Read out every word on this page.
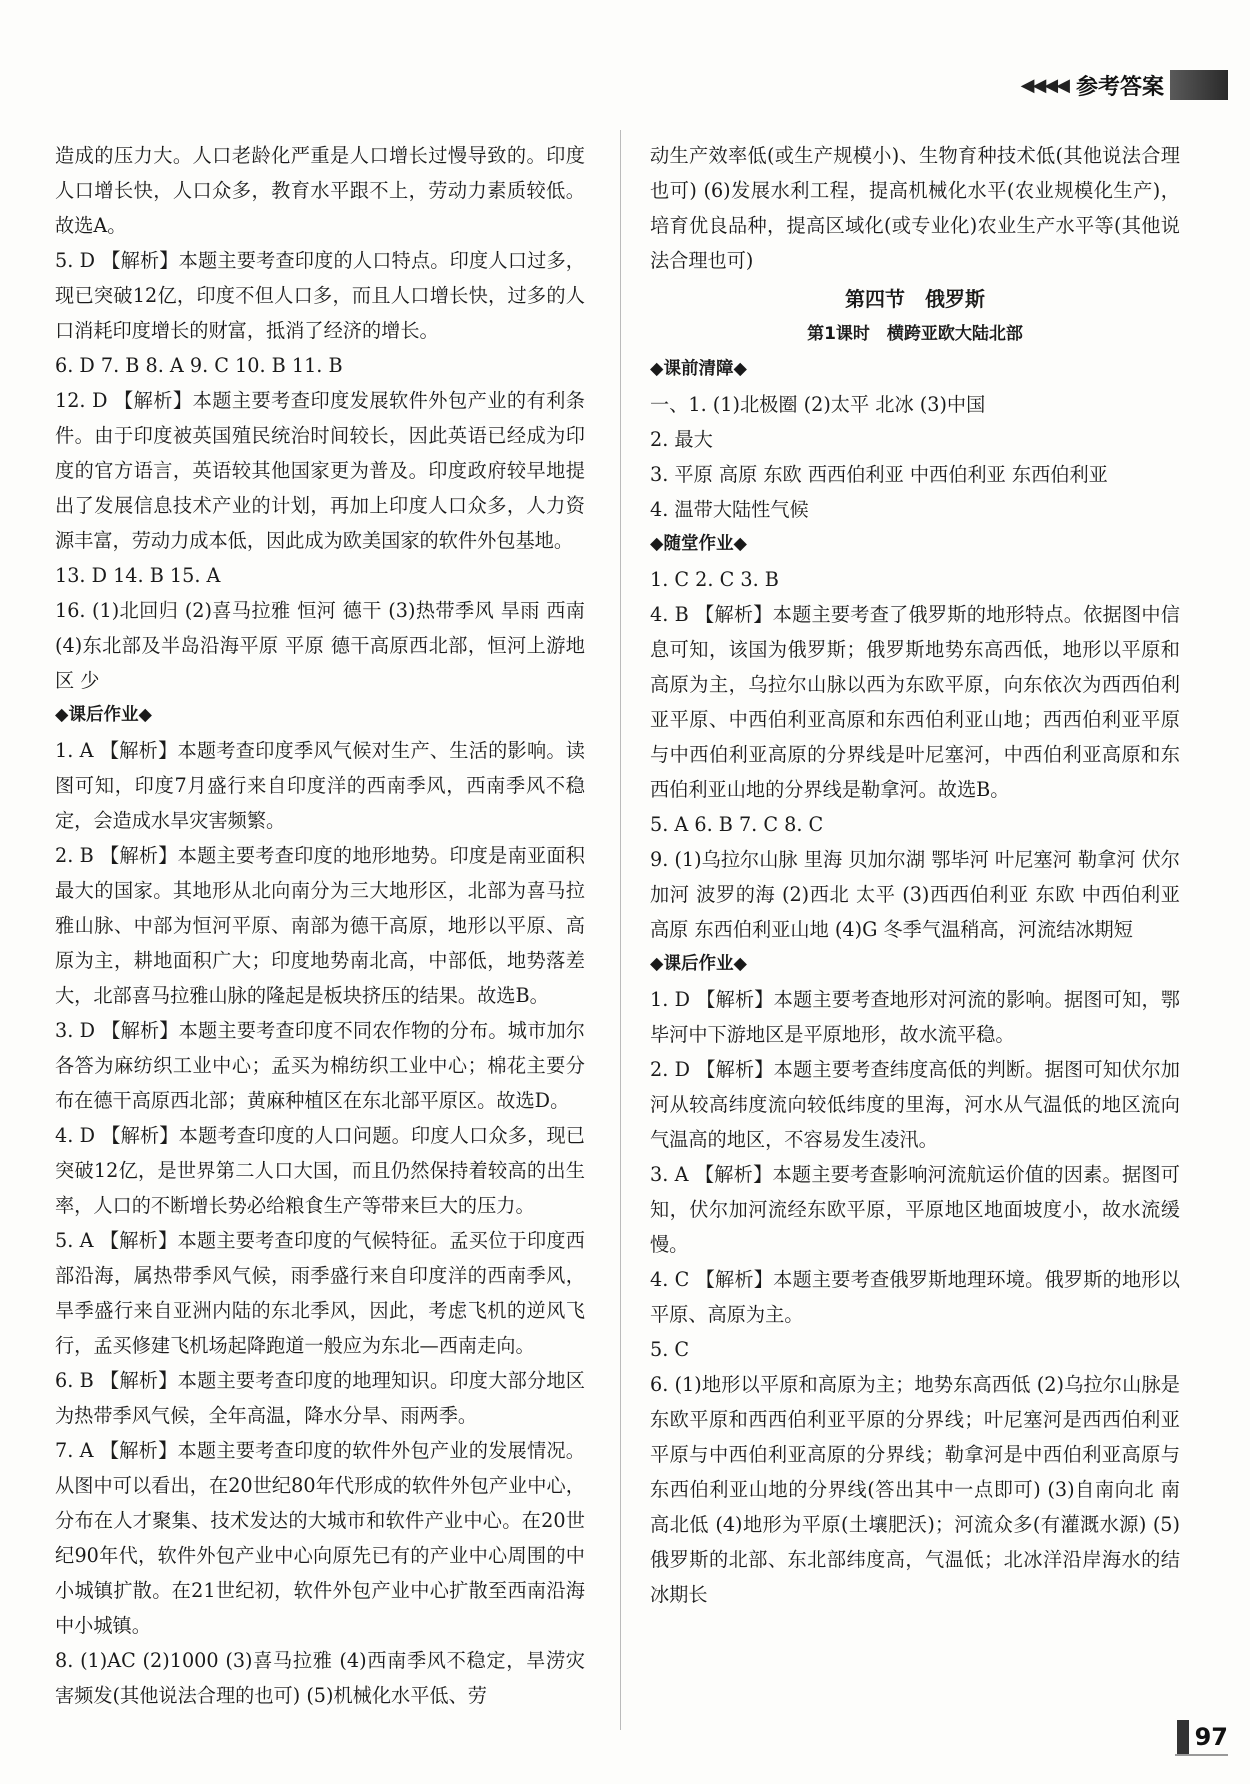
◀◀◀◀ 参考答案

造成的压力大。人口老龄化严重是人口增长过慢导致的。印度人口增长快，人口众多，教育水平跟不上，劳动力素质较低。故选A。

5. D 【解析】本题主要考查印度的人口特点。印度人口过多，现已突破12亿，印度不但人口多，而且人口增长快，过多的人口消耗印度增长的财富，抵消了经济的增长。

6. D 7. B 8. A 9. C 10. B 11. B

12. D 【解析】本题主要考查印度发展软件外包产业的有利条件。由于印度被英国殖民统治时间较长，因此英语已经成为印度的官方语言，英语较其他国家更为普及。印度政府较早地提出了发展信息技术产业的计划，再加上印度人口众多，人力资源丰富，劳动力成本低，因此成为欧美国家的软件外包基地。

13. D 14. B 15. A

16. (1)北回归 (2)喜马拉雅 恒河 德干 (3)热带季风 旱雨 西南 (4)东北部及半岛沿海平原 平原 德干高原西北部，恒河上游地区 少

◆课后作业◆

1. A 【解析】本题考查印度季风气候对生产、生活的影响。读图可知，印度7月盛行来自印度洋的西南季风，西南季风不稳定，会造成水旱灾害频繁。

2. B 【解析】本题主要考查印度的地形地势。印度是南亚面积最大的国家。其地形从北向南分为三大地形区，北部为喜马拉雅山脉、中部为恒河平原、南部为德干高原，地形以平原、高原为主，耕地面积广大；印度地势南北高，中部低，地势落差大，北部喜马拉雅山脉的隆起是板块挤压的结果。故选B。

3. D 【解析】本题主要考查印度不同农作物的分布。城市加尔各答为麻纺织工业中心；孟买为棉纺织工业中心；棉花主要分布在德干高原西北部；黄麻种植区在东北部平原区。故选D。

4. D 【解析】本题考查印度的人口问题。印度人口众多，现已突破12亿，是世界第二人口大国，而且仍然保持着较高的出生率，人口的不断增长势必给粮食生产等带来巨大的压力。

5. A 【解析】本题主要考查印度的气候特征。孟买位于印度西部沿海，属热带季风气候，雨季盛行来自印度洋的西南季风，旱季盛行来自亚洲内陆的东北季风，因此，考虑飞机的逆风飞行，孟买修建飞机场起降跑道一般应为东北—西南走向。

6. B 【解析】本题主要考查印度的地理知识。印度大部分地区为热带季风气候，全年高温，降水分旱、雨两季。

7. A 【解析】本题主要考查印度的软件外包产业的发展情况。从图中可以看出，在20世纪80年代形成的软件外包产业中心，分布在人才聚集、技术发达的大城市和软件产业中心。在20世纪90年代，软件外包产业中心向原先已有的产业中心周围的中小城镇扩散。在21世纪初，软件外包产业中心扩散至西南沿海中小城镇。

8. (1)AC (2)1000 (3)喜马拉雅 (4)西南季风不稳定，旱涝灾害频发(其他说法合理的也可) (5)机械化水平低、劳

动生产效率低(或生产规模小)、生物育种技术低(其他说法合理也可) (6)发展水利工程，提高机械化水平(农业规模化生产)，培育优良品种，提高区域化(或专业化)农业生产水平等(其他说法合理也可)

第四节　俄罗斯

第1课时　横跨亚欧大陆北部

◆课前清障◆

一、1. (1)北极圈 (2)太平 北冰 (3)中国

2. 最大

3. 平原 高原 东欧 西西伯利亚 中西伯利亚 东西伯利亚

4. 温带大陆性气候

◆随堂作业◆

1. C 2. C 3. B

4. B 【解析】本题主要考查了俄罗斯的地形特点。依据图中信息可知，该国为俄罗斯；俄罗斯地势东高西低，地形以平原和高原为主，乌拉尔山脉以西为东欧平原，向东依次为西西伯利亚平原、中西伯利亚高原和东西伯利亚山地；西西伯利亚平原与中西伯利亚高原的分界线是叶尼塞河，中西伯利亚高原和东西伯利亚山地的分界线是勒拿河。故选B。

5. A 6. B 7. C 8. C

9. (1)乌拉尔山脉 里海 贝加尔湖 鄂毕河 叶尼塞河 勒拿河 伏尔加河 波罗的海 (2)西北 太平 (3)西西伯利亚 东欧 中西伯利亚高原 东西伯利亚山地 (4)G 冬季气温稍高，河流结冰期短

◆课后作业◆

1. D 【解析】本题主要考查地形对河流的影响。据图可知，鄂毕河中下游地区是平原地形，故水流平稳。

2. D 【解析】本题主要考查纬度高低的判断。据图可知伏尔加河从较高纬度流向较低纬度的里海，河水从气温低的地区流向气温高的地区，不容易发生凌汛。

3. A 【解析】本题主要考查影响河流航运价值的因素。据图可知，伏尔加河流经东欧平原，平原地区地面坡度小，故水流缓慢。

4. C 【解析】本题主要考查俄罗斯地理环境。俄罗斯的地形以平原、高原为主。

5. C

6. (1)地形以平原和高原为主；地势东高西低 (2)乌拉尔山脉是东欧平原和西西伯利亚平原的分界线；叶尼塞河是西西伯利亚平原与中西伯利亚高原的分界线；勒拿河是中西伯利亚高原与东西伯利亚山地的分界线(答出其中一点即可) (3)自南向北 南高北低 (4)地形为平原(土壤肥沃)；河流众多(有灌溉水源) (5)俄罗斯的北部、东北部纬度高，气温低；北冰洋沿岸海水的结冰期长

97
